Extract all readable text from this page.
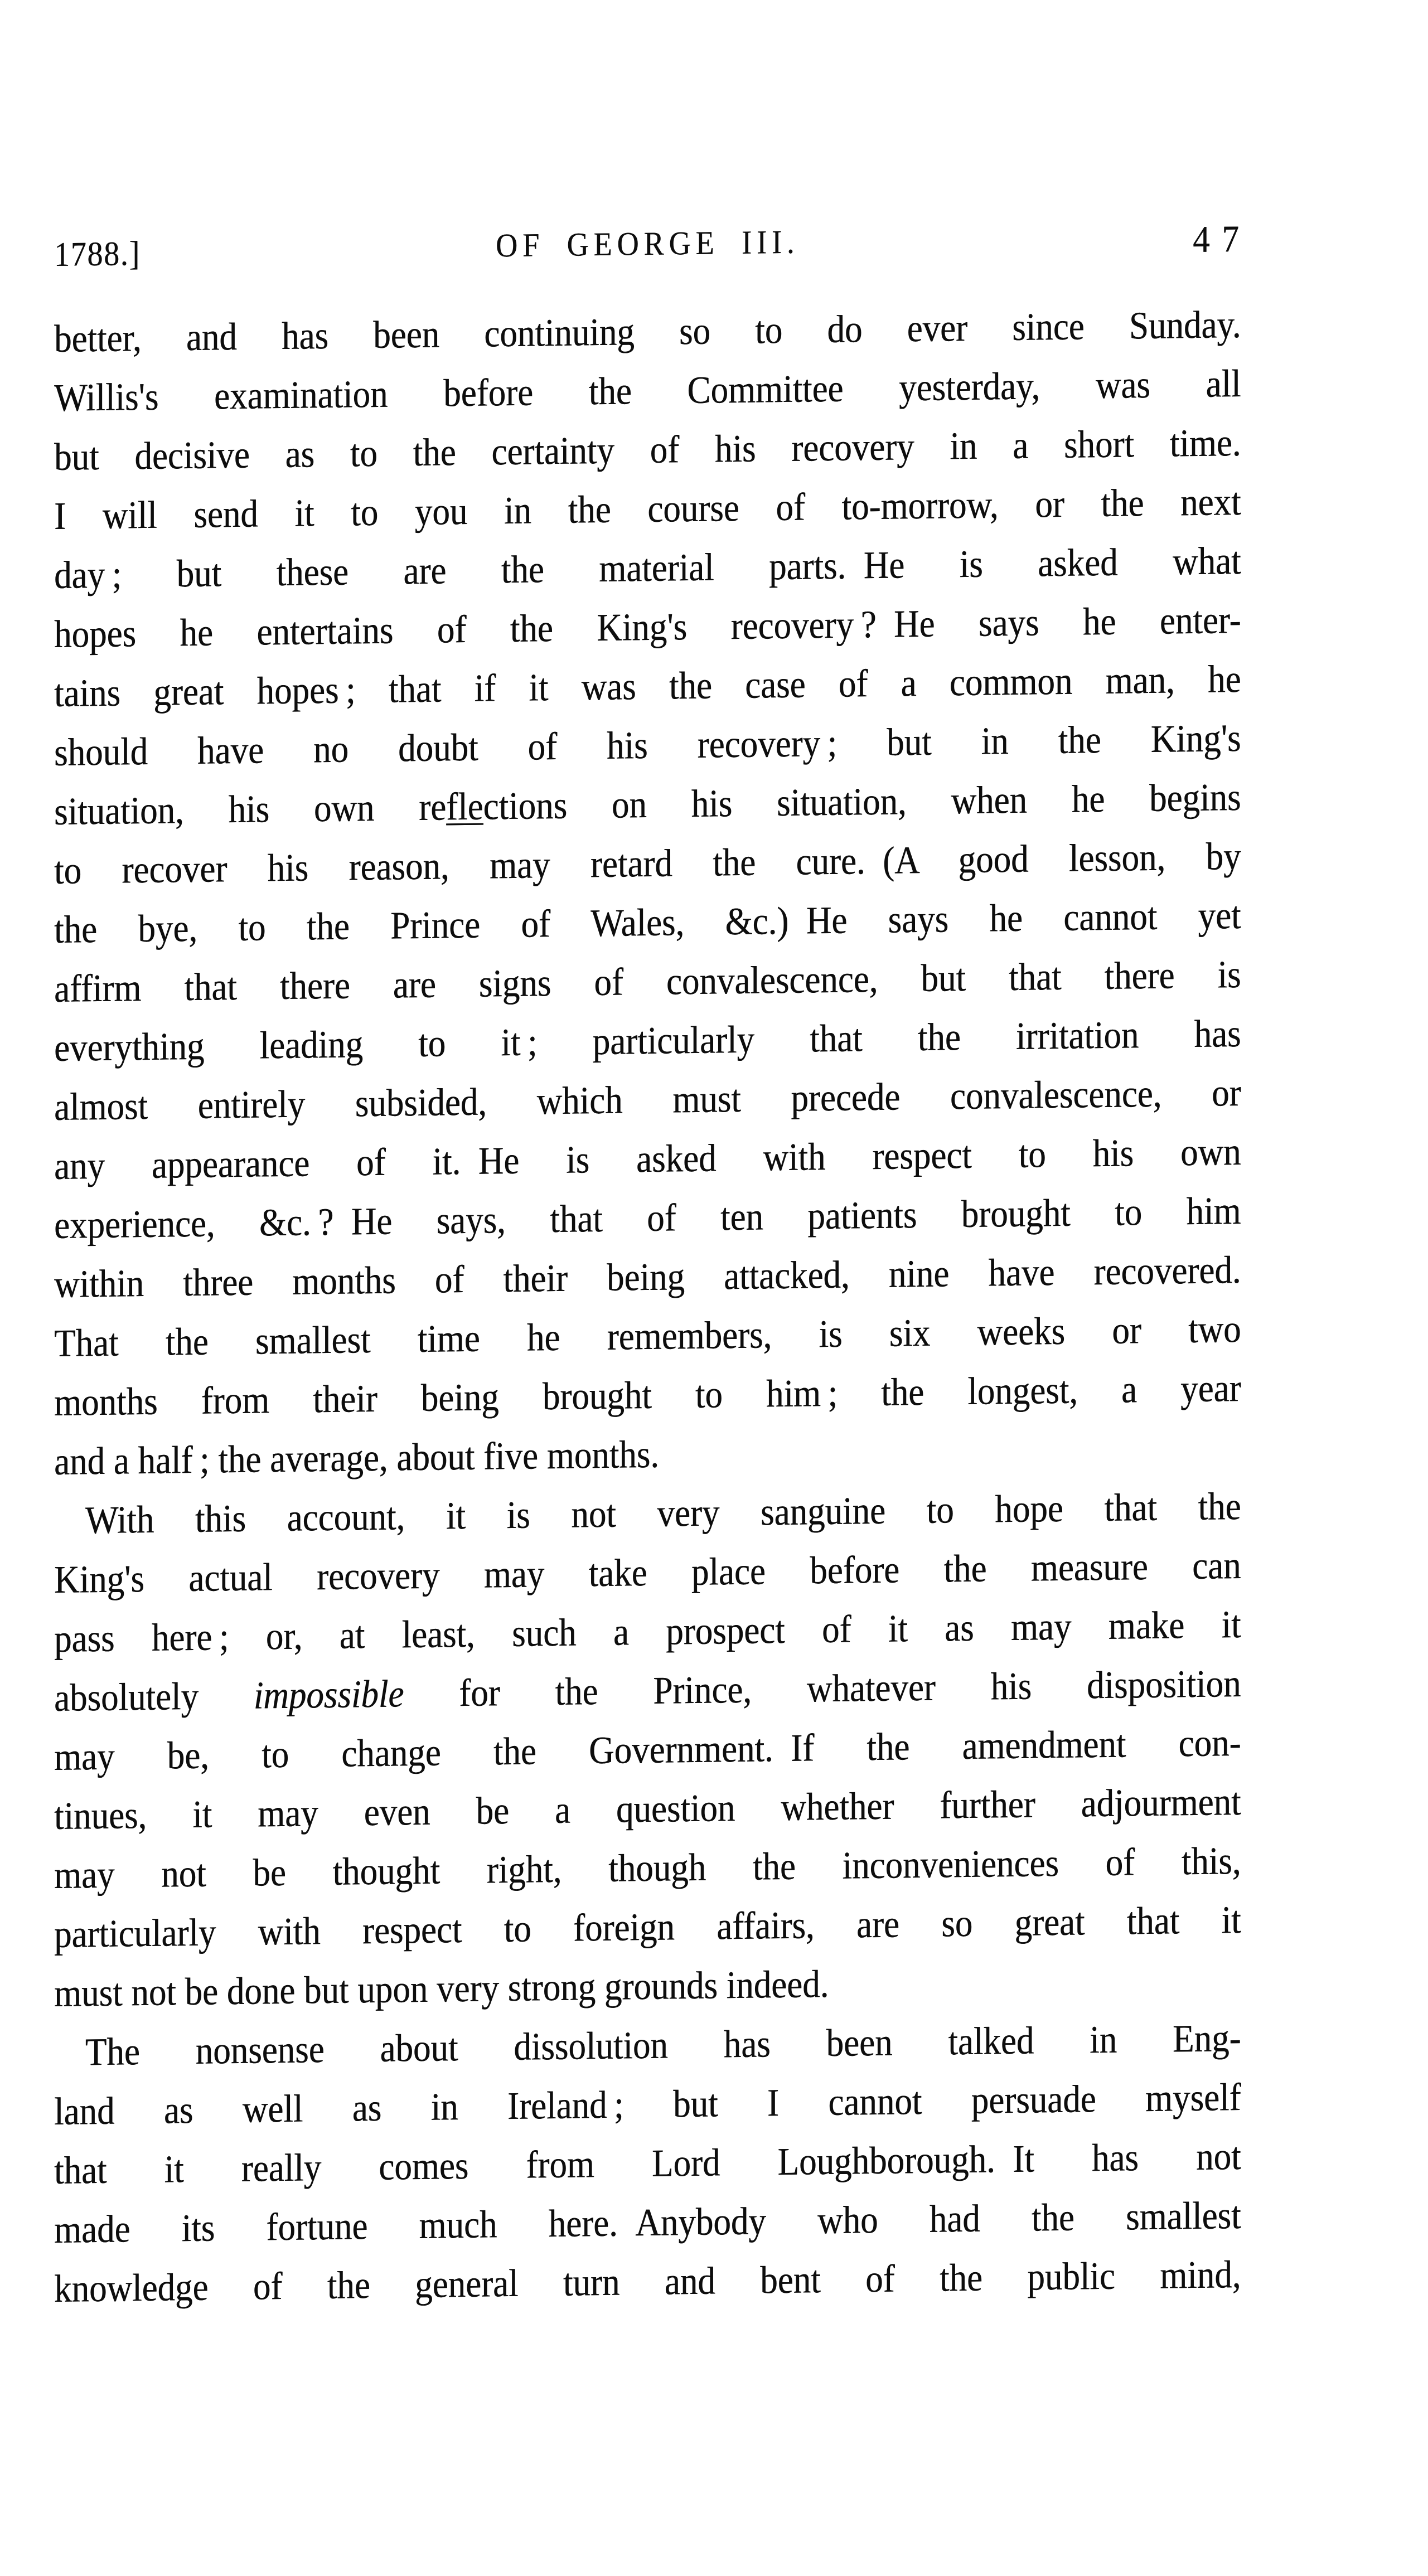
1788.]	OF GEORGE III.	47
better, and has been continuing so to do ever since Sunday.
Willis's examination before the Committee yesterday, was all
but decisive as to the certainty of his recovery in a short time.
I will send it to you in the course of to-morrow, or the next
day ; but these are the material parts. He is asked what
hopes he entertains of the King's recovery ? He says he enter-
tains great hopes ; that if it was the case of a common man, he
should have no doubt of his recovery ; but in the King's
situation, his own reflections on his situation, when he begins
to recover his reason, may retard the cure. (A good lesson, by
the bye, to the Prince of Wales, &c.) He says he cannot yet
affirm that there are signs of convalescence, but that there is
everything leading to it ; particularly that the irritation has
almost entirely subsided, which must precede convalescence, or
any appearance of it. He is asked with respect to his own
experience, &c. ? He says, that of ten patients brought to him
within three months of their being attacked, nine have recovered.
That the smallest time he remembers, is six weeks or two
months from their being brought to him ; the longest, a year
and a half ; the average, about five months.
With this account, it is not very sanguine to hope that the
King's actual recovery may take place before the measure can
pass here ; or, at least, such a prospect of it as may make it
absolutely impossible for the Prince, whatever his disposition
may be, to change the Government. If the amendment con-
tinues, it may even be a question whether further adjourment
may not be thought right, though the inconveniences of this,
particularly with respect to foreign affairs, are so great that it
must not be done but upon very strong grounds indeed.
The nonsense about dissolution has been talked in Eng-
land as well as in Ireland ; but I cannot persuade myself
that it really comes from Lord Loughborough. It has not
made its fortune much here. Anybody who had the smallest
knowledge of the general turn and bent of the public mind,
